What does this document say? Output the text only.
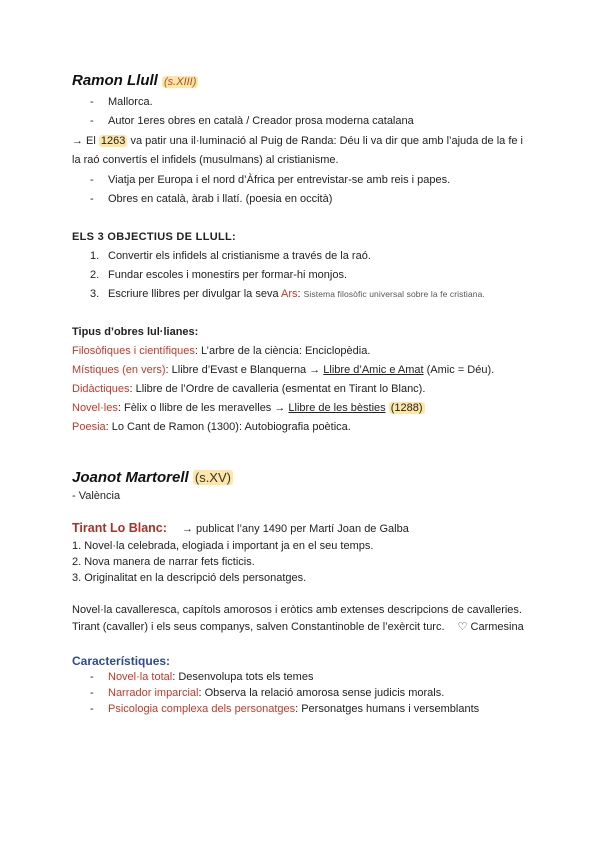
Ramon Llull (s.XIII)
- Mallorca.
- Autor 1eres obres en català / Creador prosa moderna catalana
→ El 1263 va patir una il·luminació al Puig de Randa: Déu li va dir que amb l’ajuda de la fe i
la raó convertís el infidels (musulmans) al cristianisme.
- Viatja per Europa i el nord d’Àfrica per entrevistar-se amb reis i papes.
- Obres en català, àrab i llatí. (poesia en occità)
ELS 3 OBJECTIUS DE LLULL:
1. Convertir els infidels al cristianisme a través de la raó.
2. Fundar escoles i monestirs per formar-hi monjos.
3. Escriure llibres per divulgar la seva Ars: Sistema filosòfic universal sobre la fe cristiana.
Tipus d’obres lul·lianes:
Filosòfiques i científiques: L’arbre de la ciència: Enciclopèdia.
Místiques (en vers): Llibre d’Evast e Blanquerna → Llibre d’Amic e Amat (Amic = Déu).
Didàctiques: Llibre de l’Ordre de cavalleria (esmentat en Tirant lo Blanc).
Novel·les: Fèlix o llibre de les meravelles → Llibre de les bèsties (1288)
Poesia: Lo Cant de Ramon (1300): Autobiografia poètica.
Joanot Martorell (s.XV)
- València
Tirant Lo Blanc: → publicat l’any 1490 per Martí Joan de Galba
1. Novel·la celebrada, elogiada i important ja en el seu temps.
2. Nova manera de narrar fets ficticis.
3. Originalitat en la descripció dels personatges.
Novel·la cavalleresca, capítols amorosos i eròtics amb extenses descripcions de cavalleries.
Tirant (cavaller) i els seus companys, salven Constantinoble de l’exèrcit turc. ♡ Carmesina
Característiques:
- Novel·la total: Desenvolupa tots els temes
- Narrador imparcial: Observa la relació amorosa sense judicis morals.
- Psicologia complexa dels personatges: Personatges humans i versemblants
